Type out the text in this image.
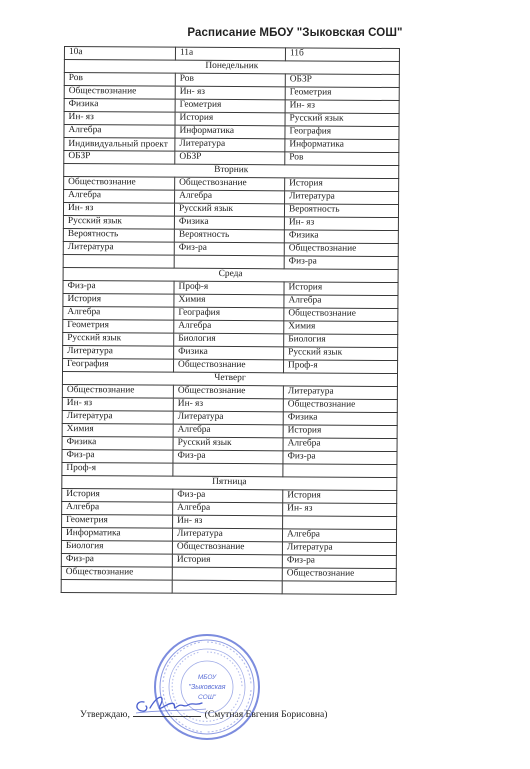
Расписание МБОУ "Зыковская СОШ"
10а	11а	11б
Понедельник		
Ров	Ров	ОБЗР
Обществознание	Ин- яз	Геометрия
Физика	Геометрия	Ин- яз
Ин- яз	История	Русский язык
Алгебра	Информатика	География
Индивидуальный проект	Литература	Информатика
ОБЗР	ОБЗР	Ров
Вторник		
Обществознание	Обществознание	История
Алгебра	Алгебра	Литература
Ин- яз	Русский язык	Вероятность
Русский язык	Физика	Ин- яз
Вероятность	Вероятность	Физика
Литература	Физ-ра	Обществознание
		Физ-ра
Среда		
Физ-ра	Проф-я	История
История	Химия	Алгебра
Алгебра	География	Обществознание
Геометрия	Алгебра	Химия
Русский язык	Биология	Биология
Литература	Физика	Русский язык
География	Обществознание	Проф-я
Четверг		
Обществознание	Обществознание	Литература
Ин- яз	Ин- яз	Обществознание
Литература	Литература	Физика
Химия	Алгебра	История
Физика	Русский язык	Алгебра
Физ-ра	Физ-ра	Физ-ра
Проф-я		
Пятница		
История	Физ-ра	История
Алгебра	Алгебра	Ин- яз
Геометрия	Ин- яз	
Информатика	Литература	Алгебра
Биология	Обществознание	Литература
Физ-ра	История	Физ-ра
Обществознание		Обществознание

МБОУ
"Зыковская
СОШ"
Утверждаю,	(Смутная Евгения Борисовна)
